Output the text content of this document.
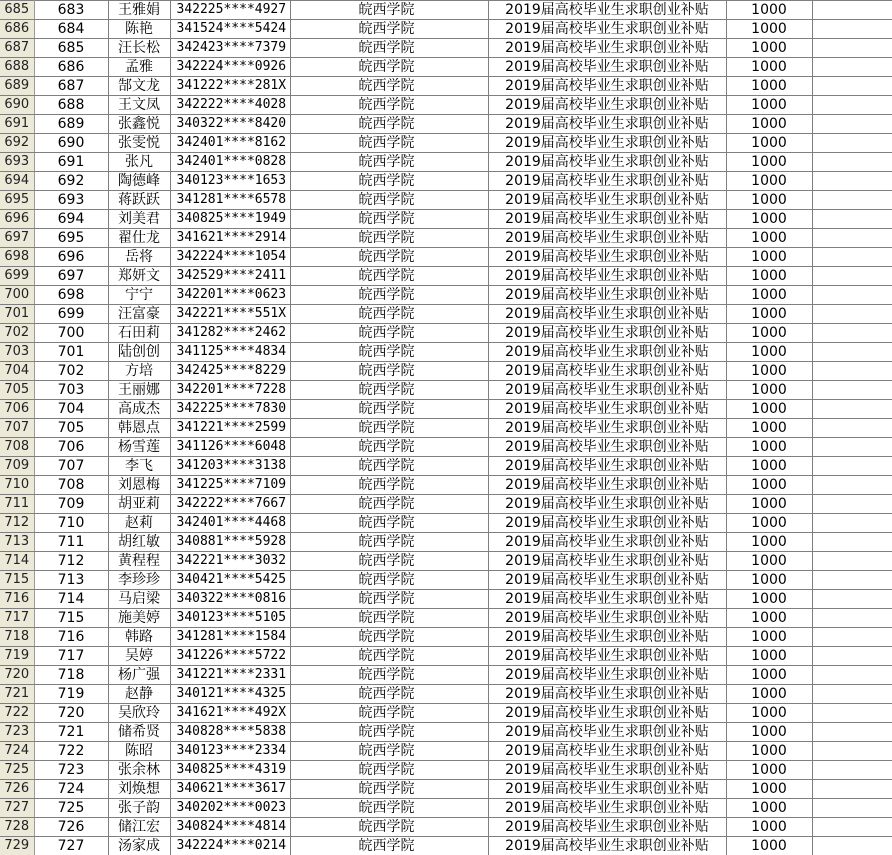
685	683	王雅娟	342225****4927	皖西学院	2019届高校毕业生求职创业补贴	1000	
686	684	陈艳	341524****5424	皖西学院	2019届高校毕业生求职创业补贴	1000	
687	685	汪长松	342423****7379	皖西学院	2019届高校毕业生求职创业补贴	1000	
688	686	孟雅	342224****0926	皖西学院	2019届高校毕业生求职创业补贴	1000	
689	687	郜文龙	341222****281X	皖西学院	2019届高校毕业生求职创业补贴	1000	
690	688	王文凤	342222****4028	皖西学院	2019届高校毕业生求职创业补贴	1000	
691	689	张鑫悦	340322****8420	皖西学院	2019届高校毕业生求职创业补贴	1000	
692	690	张雯悦	342401****8162	皖西学院	2019届高校毕业生求职创业补贴	1000	
693	691	张凡	342401****0828	皖西学院	2019届高校毕业生求职创业补贴	1000	
694	692	陶德峰	340123****1653	皖西学院	2019届高校毕业生求职创业补贴	1000	
695	693	蒋跃跃	341281****6578	皖西学院	2019届高校毕业生求职创业补贴	1000	
696	694	刘美君	340825****1949	皖西学院	2019届高校毕业生求职创业补贴	1000	
697	695	翟仕龙	341621****2914	皖西学院	2019届高校毕业生求职创业补贴	1000	
698	696	岳将	342224****1054	皖西学院	2019届高校毕业生求职创业补贴	1000	
699	697	郑妍文	342529****2411	皖西学院	2019届高校毕业生求职创业补贴	1000	
700	698	宁宁	342201****0623	皖西学院	2019届高校毕业生求职创业补贴	1000	
701	699	汪富豪	342221****551X	皖西学院	2019届高校毕业生求职创业补贴	1000	
702	700	石田莉	341282****2462	皖西学院	2019届高校毕业生求职创业补贴	1000	
703	701	陆创创	341125****4834	皖西学院	2019届高校毕业生求职创业补贴	1000	
704	702	方培	342425****8229	皖西学院	2019届高校毕业生求职创业补贴	1000	
705	703	王丽娜	342201****7228	皖西学院	2019届高校毕业生求职创业补贴	1000	
706	704	高成杰	342225****7830	皖西学院	2019届高校毕业生求职创业补贴	1000	
707	705	韩恩点	341221****2599	皖西学院	2019届高校毕业生求职创业补贴	1000	
708	706	杨雪莲	341126****6048	皖西学院	2019届高校毕业生求职创业补贴	1000	
709	707	李飞	341203****3138	皖西学院	2019届高校毕业生求职创业补贴	1000	
710	708	刘恩梅	341225****7109	皖西学院	2019届高校毕业生求职创业补贴	1000	
711	709	胡亚莉	342222****7667	皖西学院	2019届高校毕业生求职创业补贴	1000	
712	710	赵莉	342401****4468	皖西学院	2019届高校毕业生求职创业补贴	1000	
713	711	胡红敏	340881****5928	皖西学院	2019届高校毕业生求职创业补贴	1000	
714	712	黄程程	342221****3032	皖西学院	2019届高校毕业生求职创业补贴	1000	
715	713	李珍珍	340421****5425	皖西学院	2019届高校毕业生求职创业补贴	1000	
716	714	马启梁	340322****0816	皖西学院	2019届高校毕业生求职创业补贴	1000	
717	715	施美婷	340123****5105	皖西学院	2019届高校毕业生求职创业补贴	1000	
718	716	韩路	341281****1584	皖西学院	2019届高校毕业生求职创业补贴	1000	
719	717	吴婷	341226****5722	皖西学院	2019届高校毕业生求职创业补贴	1000	
720	718	杨广强	341221****2331	皖西学院	2019届高校毕业生求职创业补贴	1000	
721	719	赵静	340121****4325	皖西学院	2019届高校毕业生求职创业补贴	1000	
722	720	吴欣玲	341621****492X	皖西学院	2019届高校毕业生求职创业补贴	1000	
723	721	储希贤	340828****5838	皖西学院	2019届高校毕业生求职创业补贴	1000	
724	722	陈昭	340123****2334	皖西学院	2019届高校毕业生求职创业补贴	1000	
725	723	张余林	340825****4319	皖西学院	2019届高校毕业生求职创业补贴	1000	
726	724	刘焕想	340621****3617	皖西学院	2019届高校毕业生求职创业补贴	1000	
727	725	张子韵	340202****0023	皖西学院	2019届高校毕业生求职创业补贴	1000	
728	726	储江宏	340824****4814	皖西学院	2019届高校毕业生求职创业补贴	1000	
729	727	汤家成	342224****0214	皖西学院	2019届高校毕业生求职创业补贴	1000	
